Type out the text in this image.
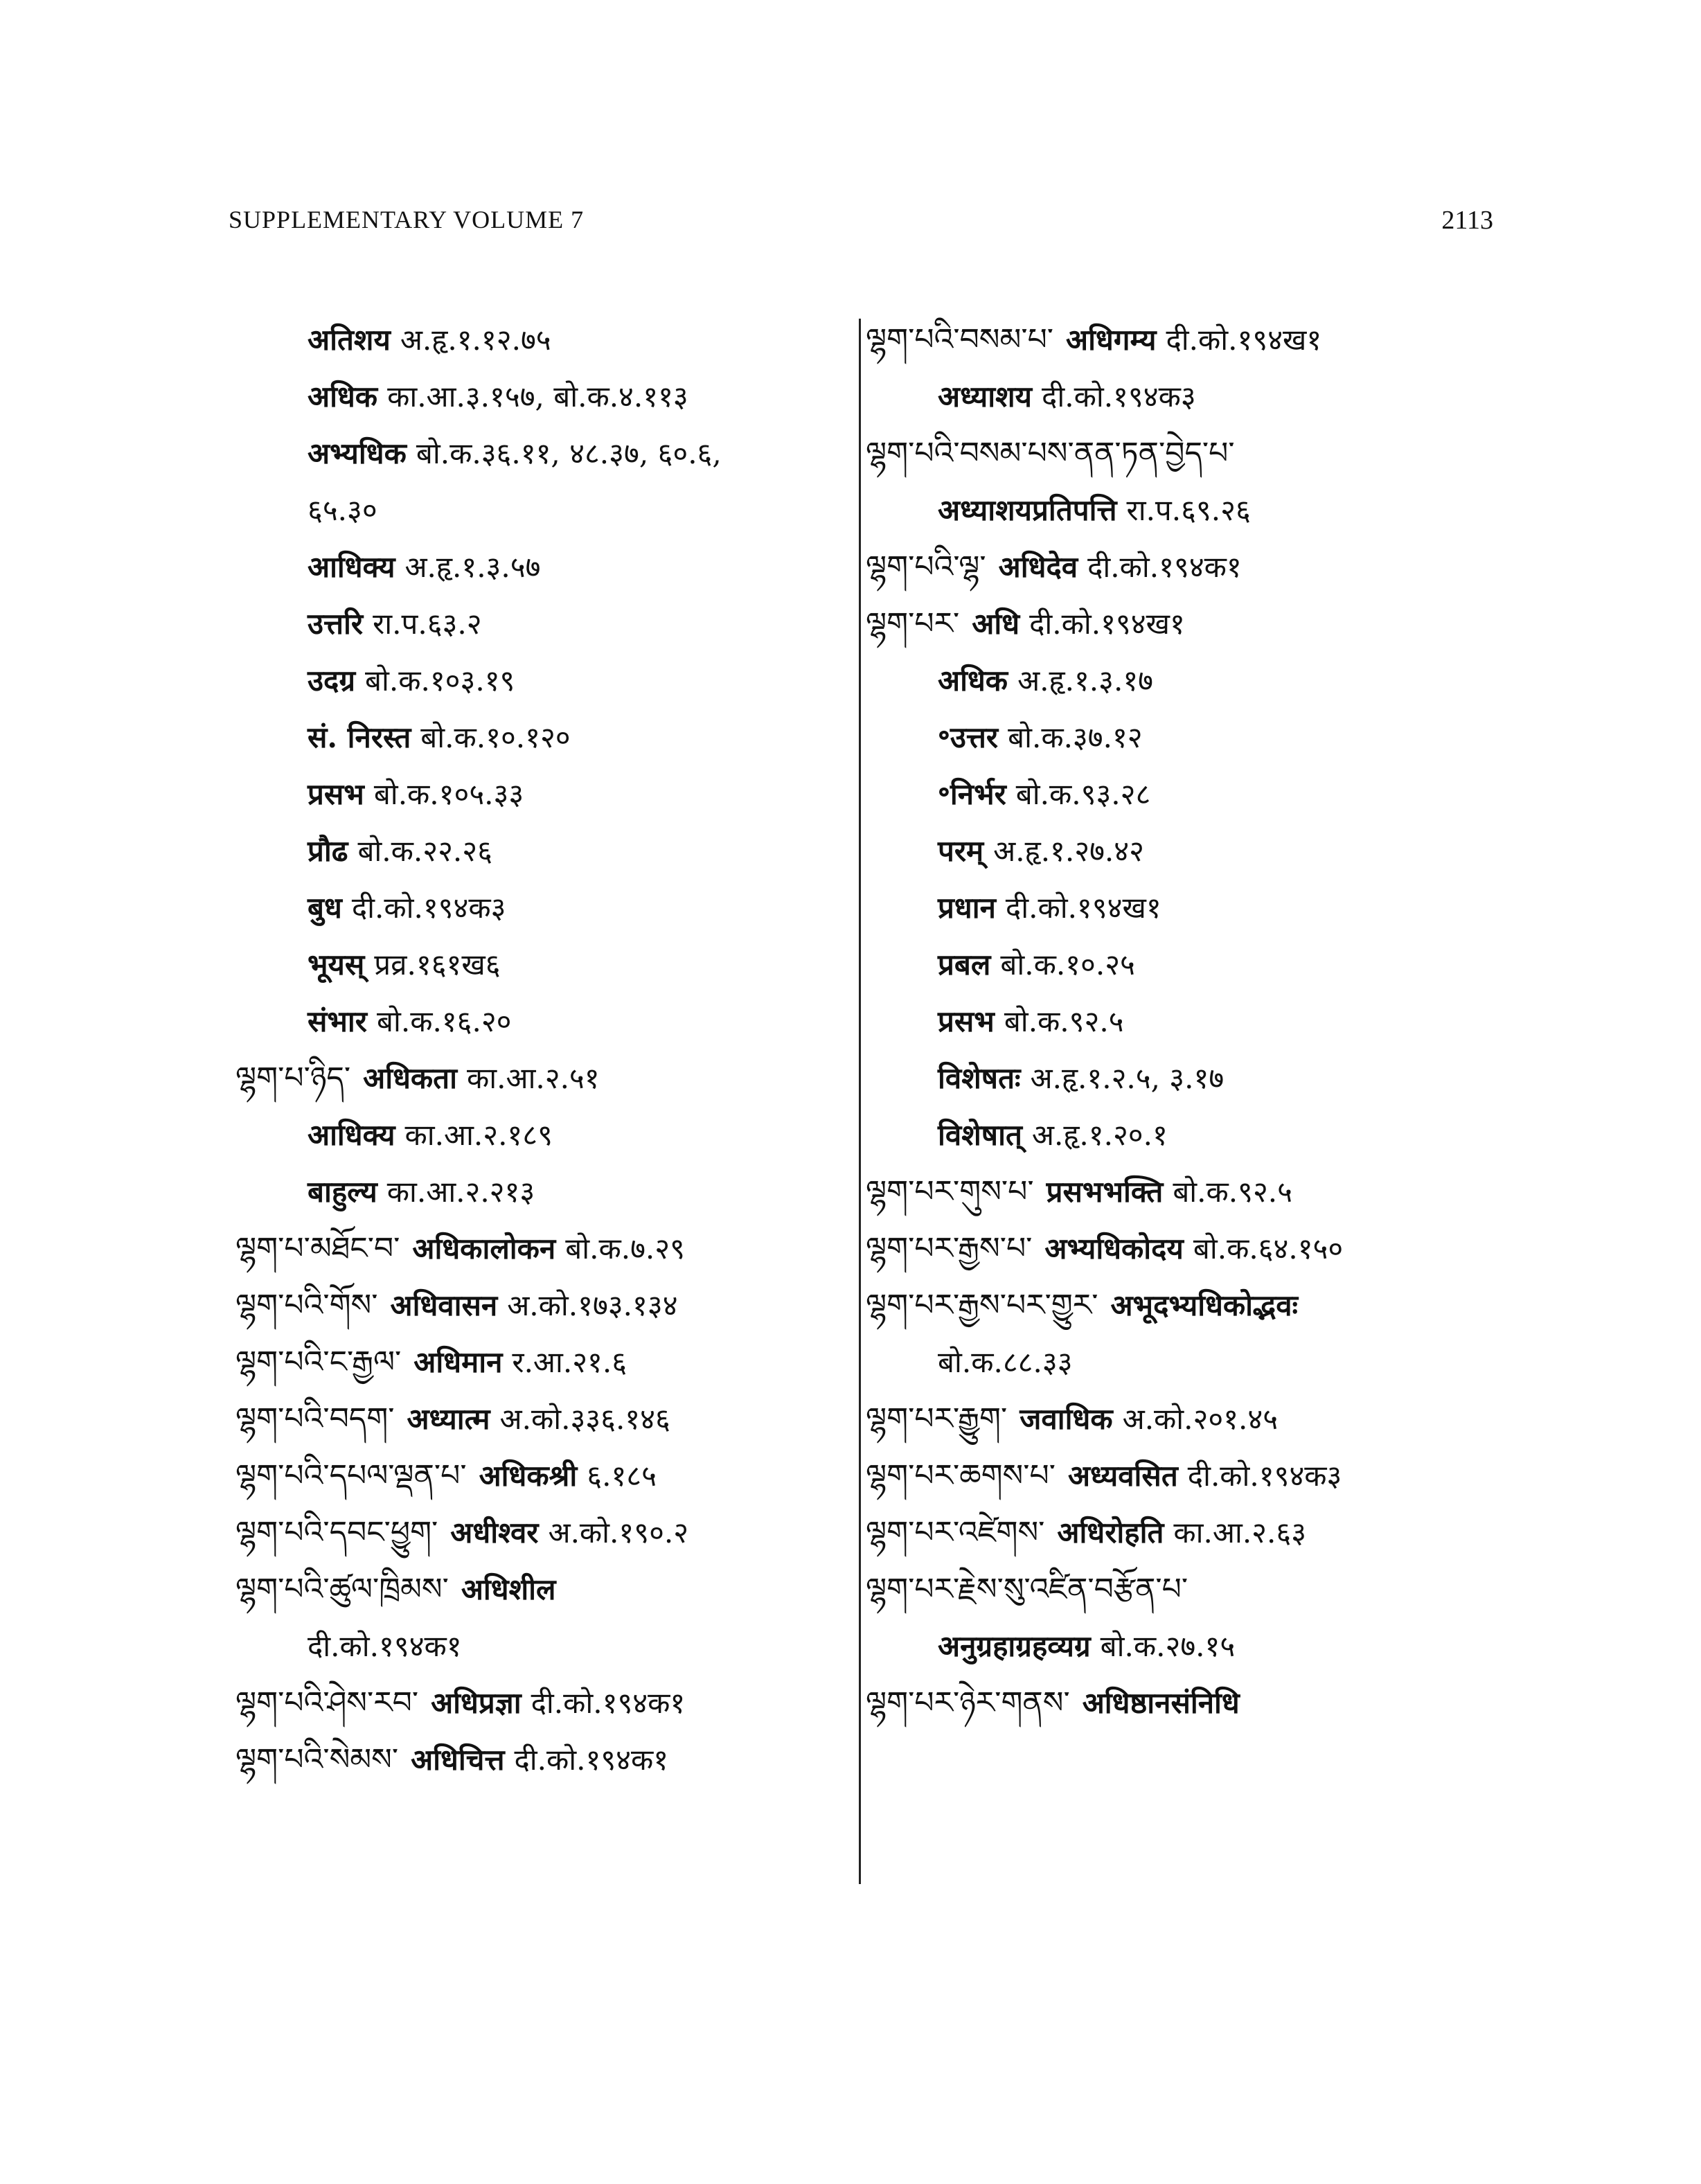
SUPPLEMENTARY VOLUME 7	2113
अतिशय अ.हृ.१.१२.७५
अधिक का.आ.३.१५७, बो.क.४.११३
अभ्यधिक बो.क.३६.११, ४८.३७, ६०.६,
६५.३०
आधिक्य अ.हृ.१.३.५७
उत्तरि रा.प.६३.२
उदग्र बो.क.१०३.१९
सं. निरस्त बो.क.१०.१२०
प्रसभ बो.क.१०५.३३
प्रौढ बो.क.२२.२६
बुध दी.को.१९४क३
भूयस् प्रव्र.१६१ख६
संभार बो.क.१६.२०
ལྷག་པ་ཉིད་ अधिकता का.आ.२.५१
आधिक्य का.आ.२.१८९
बाहुल्य का.आ.२.२१३
ལྷག་པ་མཐོང་བ་ अधिकालोकन बो.क.७.२९
ལྷག་པའི་གོས་ अधिवासन अ.को.१७३.१३४
ལྷག་པའི་ང་རྒྱལ་ अधिमान र.आ.२१.६
ལྷག་པའི་བདག་ अध्यात्म अ.को.३३६.१४६
ལྷག་པའི་དཔལ་ལྡན་པ་ अधिकश्री ६.१८५
ལྷག་པའི་དབང་ཕྱུག་ अधीश्वर अ.को.१९०.२
ལྷག་པའི་ཚུལ་ཁྲིམས་ अधिशील
दी.को.१९४क१
ལྷག་པའི་ཤེས་རབ་ अधिप्रज्ञा दी.को.१९४क१
ལྷག་པའི་སེམས་ अधिचित्त दी.को.१९४क१
ལྷག་པའི་བསམ་པ་ अधिगम्य दी.को.१९४ख१
अध्याशय दी.को.१९४क३
ལྷག་པའི་བསམ་པས་ནན་ཏན་བྱེད་པ་
अध्याशयप्रतिपत्ति रा.प.६९.२६
ལྷག་པའི་ལྷ་ अधिदेव दी.को.१९४क१
ལྷག་པར་ अधि दी.को.१९४ख१
अधिक अ.हृ.१.३.१७
॰उत्तर बो.क.३७.१२
॰निर्भर बो.क.९३.२८
परम् अ.हृ.१.२७.४२
प्रधान दी.को.१९४ख१
प्रबल बो.क.१०.२५
प्रसभ बो.क.९२.५
विशेषतः अ.हृ.१.२.५, ३.१७
विशेषात् अ.हृ.१.२०.१
ལྷག་པར་གུས་པ་ प्रसभभक्ति बो.क.९२.५
ལྷག་པར་རྒྱས་པ་ अभ्यधिकोदय बो.क.६४.१५०
ལྷག་པར་རྒྱས་པར་གྱུར་ अभूदभ्यधिकोद्भवः
बो.क.८८.३३
ལྷག་པར་རྒྱུག་ जवाधिक अ.को.२०१.४५
ལྷག་པར་ཆགས་པ་ अध्यवसित दी.को.१९४क३
ལྷག་པར་འཛེགས་ अधिरोहति का.आ.२.६३
ལྷག་པར་རྗེས་སུ་འཛིན་བརྩོན་པ་
अनुग्रहाग्रहव्यग्र बो.क.२७.१५
ལྷག་པར་ཉེར་གནས་ अधिष्ठानसंनिधि
